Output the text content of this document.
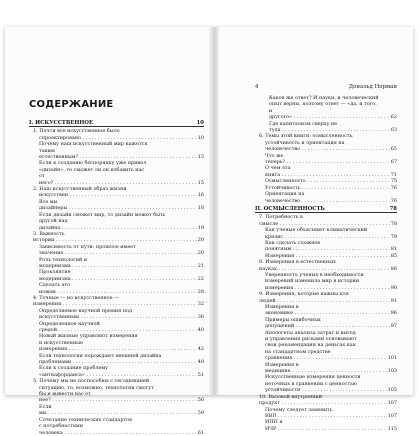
СОДЕРЖАНИЕ
I. ИСКУССТВЕННОЕ	10
1. Почти все искусственное было
спроектировано . . .	10
Почему наш искусственный мир кажется
таким естественным? . . .	13
Если к созданию беспорядку уже привел
«дизайн», то сможет ли он избавить нас
от него? . . .	15
2. Наш искусственный образ жизни
искусствен . . .	16
Все мы дизайнеры . . .	18
Если дизайн сможет мир, то дизайн может быть
другой над дизайна . . .	19
3. Важность истории . . .	20
Зависимость от пути: прошлое имеет
значение . . .	20
Роль технологий и модернизма . . .	21
Прокляятие модернизма . . .	22
Сделать это новым . . .	28
4. Точные — но искусственное — измерения . . .	32
Определяемое научной премия под
искусственным . . .	36
Определенное научной средой . . .	40
Новый жизнью управляют измерения
и искусственные измерения . . .	42
Если технологии порождают внешней дизайна
проблемами . . .	48
Если к создание проблему
«антиафорданса» . . .	51
5. Почему мы не поспособны с сегодняшней
ситуацию, то, возможно, технологии смогут
бы и вывести нас от нее? . . .	56
Если мы . . .	59
Сочетание технических стандартов
с потребностями человека . . .	61
4	Дональд Норман
Каков же ответ? И науки, и человеческий
опыт верны, поэтому ответ — «да, и того,
и другого» . . .	62
Где капитализм сверху не туда . . .	63
6. Темы этой книги: осмысленность,
устойчивость и ориентация на человечество . . .	65
Что же теперь? . . .	67
О чем эта книга . . .	71
Осмысленность . . .	75
Устойчивость . . .	76
Ориентация на человечество . . .	76
II. ОСМЫСЛЕННОСТЬ	78
7. Потребность в смысле . . .	78
Как ученые объясняют климатический
кризис . . .	79
Как сделать сложное понятным . . .	81
Измерения . . .	85
8. Измерения в естественных науках . . .	86
Уверенность ученых в необходимости
измерений изменила мир в истории
измерения . . .	90
9. Измерения, которые важны для людей . . .	91
Измерения в экономике . . .	96
Примеры ошибочных допущений . . .	97
Апологеты анализа затрат и выгод
и управления рисками основывают
свои рекомендации на деньгах как
на стандартном средстве сравнения . . .	101
Измерения в медицине . . .	103
Искусственные измерения ценности
неточных в сравнении с ценностью
устойчивости . . .	105
10. Валовой внутренний продукт . . .	107
Почему следует заменить ВВП . . .	107
ИПП и ИЧР . . .	115
